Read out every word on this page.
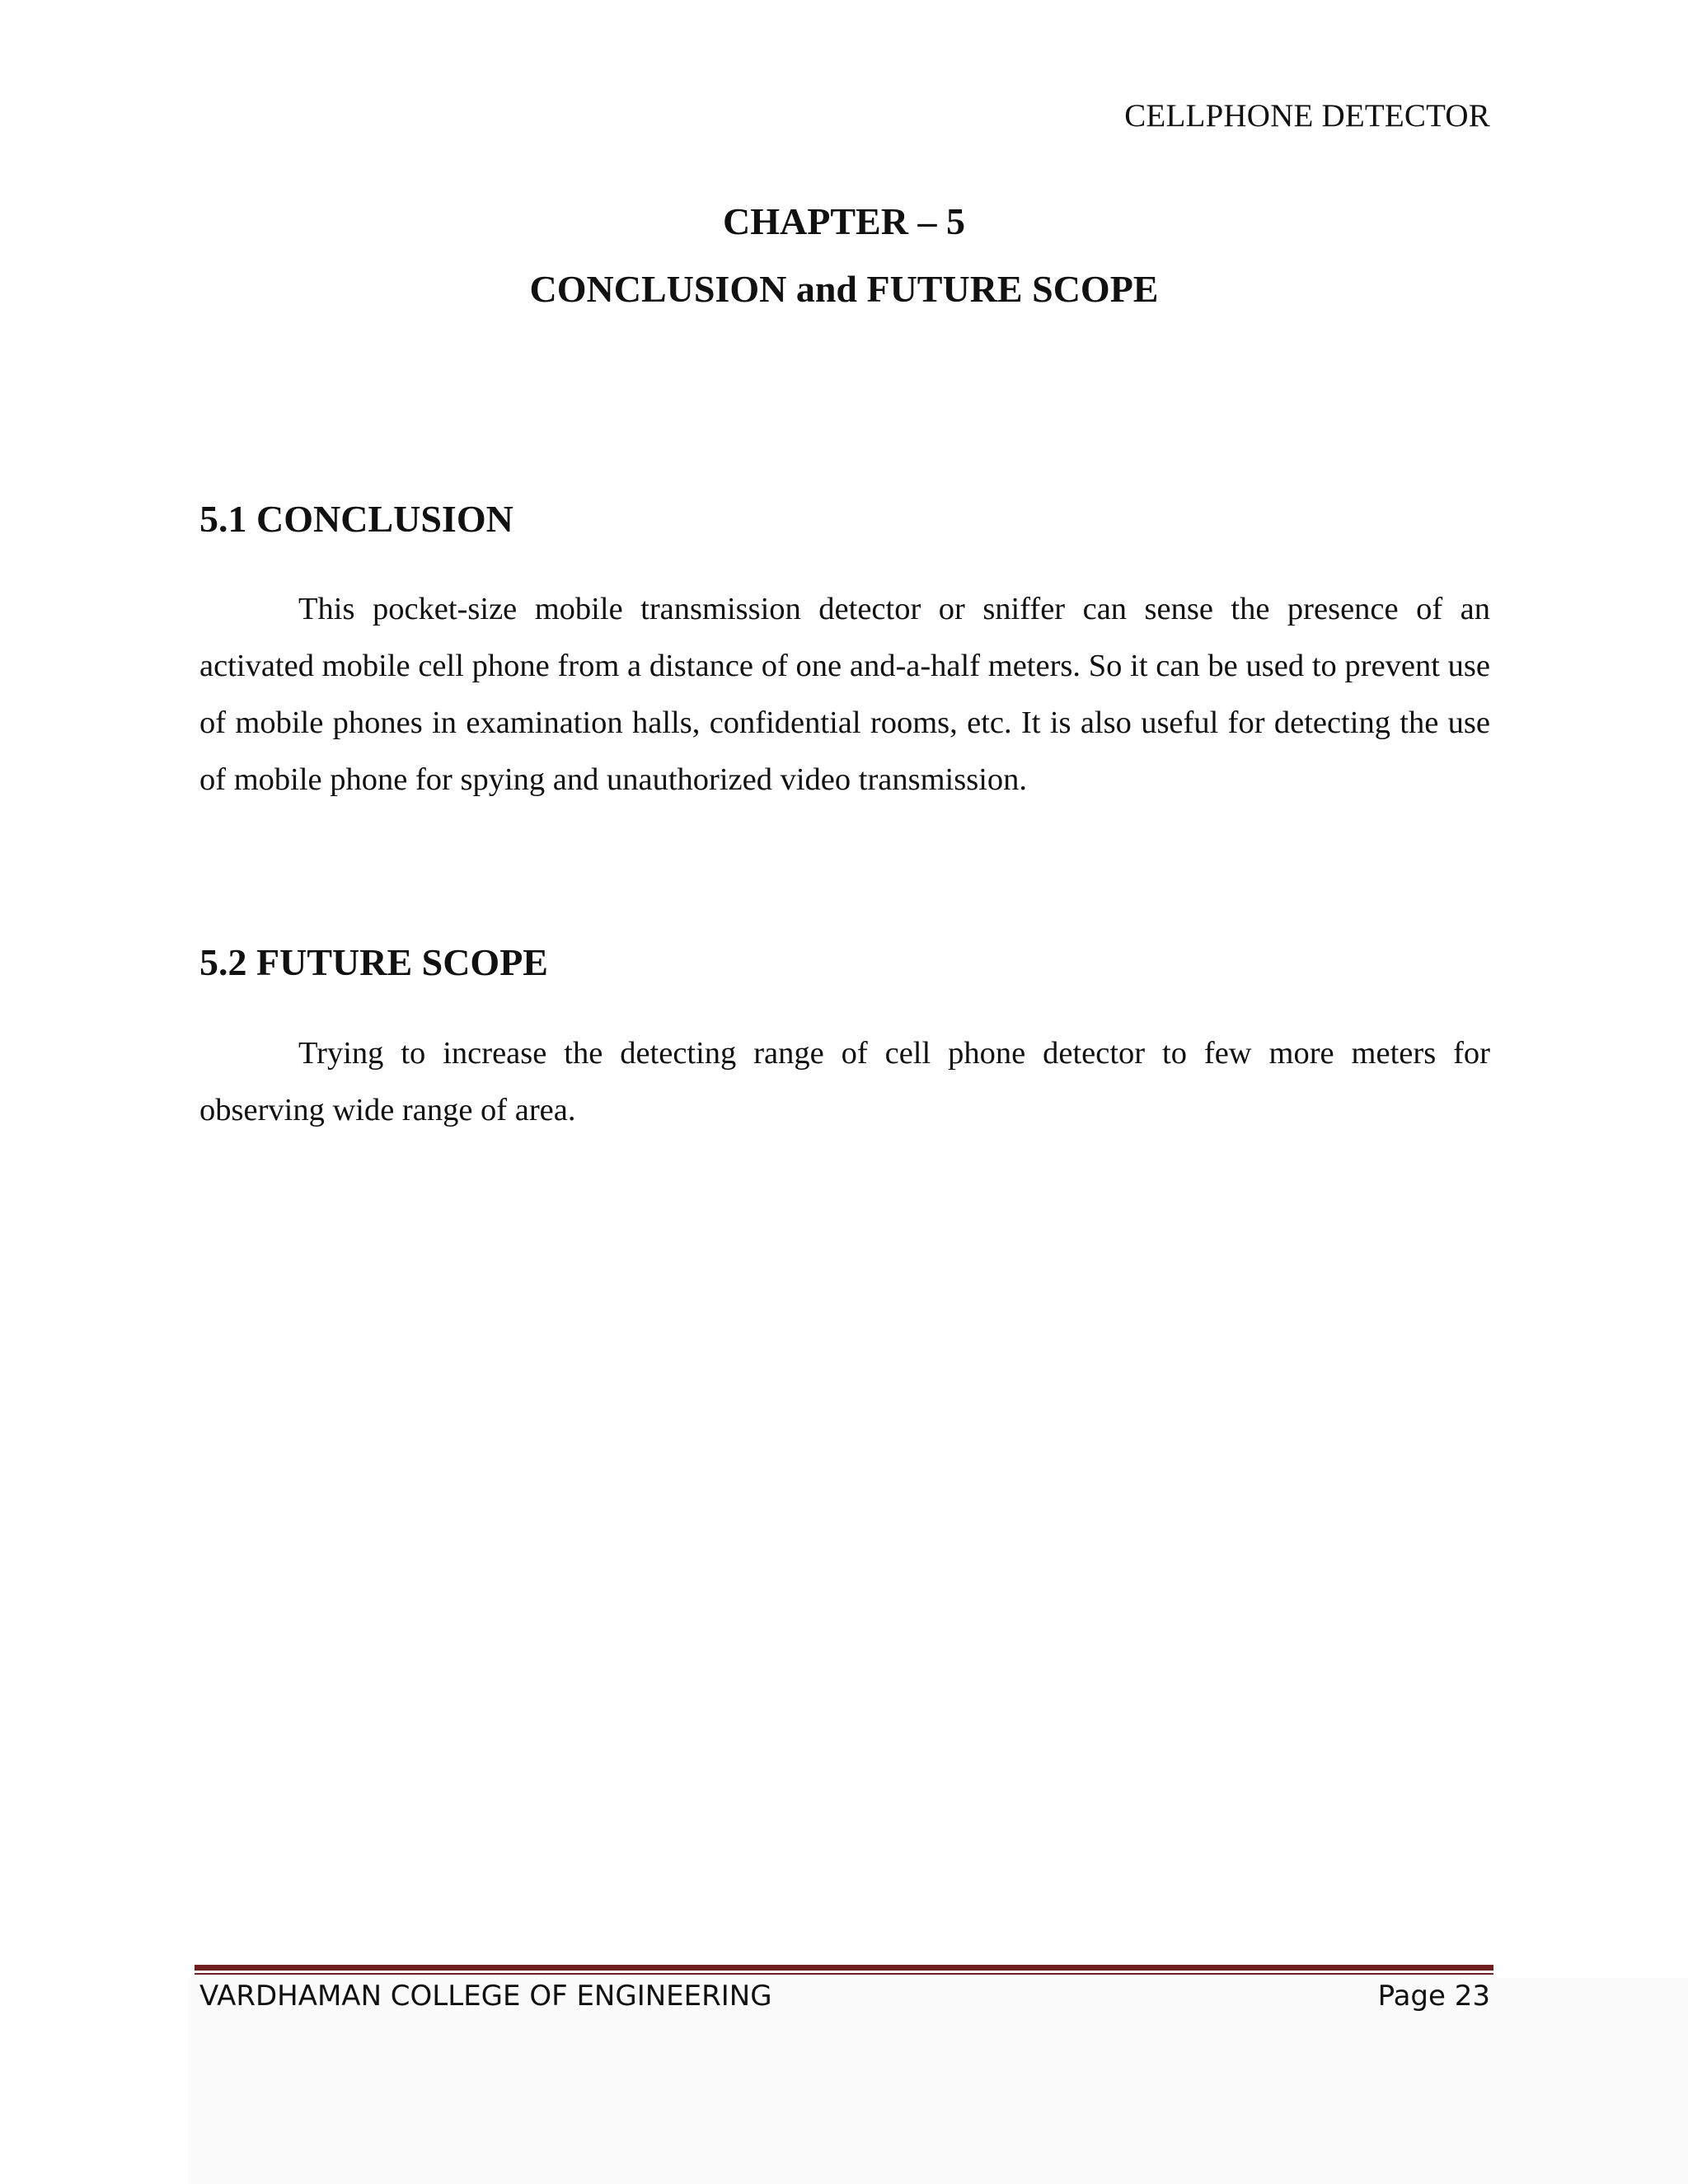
CELLPHONE DETECTOR
CHAPTER – 5
CONCLUSION and FUTURE SCOPE
5.1 CONCLUSION
This pocket-size mobile transmission detector or sniffer can sense the presence of an activated mobile cell phone from a distance of one and-a-half meters. So it can be used to prevent use of mobile phones in examination halls, confidential rooms, etc. It is also useful for detecting the use of mobile phone for spying and unauthorized video transmission.
5.2 FUTURE SCOPE
Trying to increase the detecting range of cell phone detector to few more meters for observing wide range of area.
VARDHAMAN COLLEGE OF ENGINEERING	Page 23
